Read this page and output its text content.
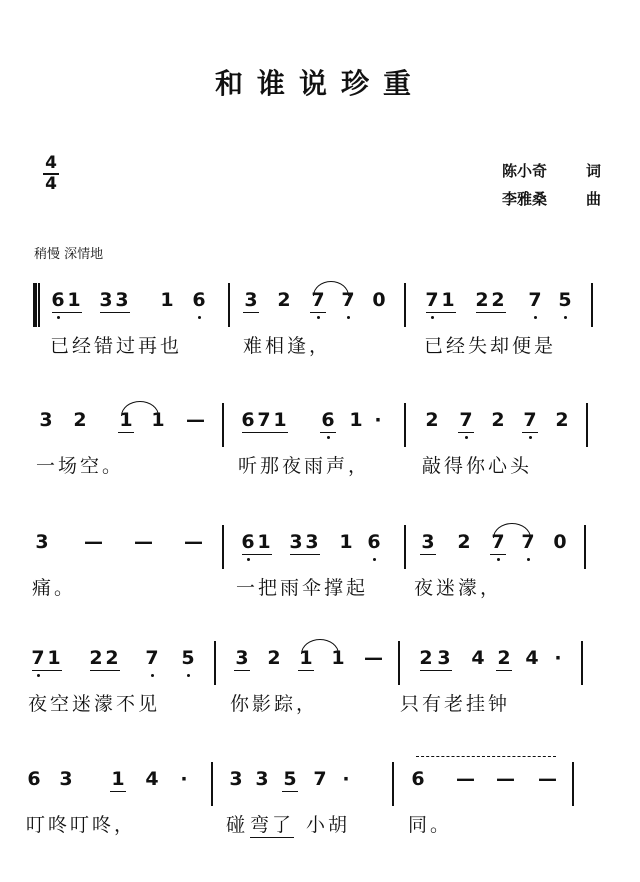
和谁说珍重
4
4
陈小奇	词
李雅桑	曲
稍慢 深情地
6 1 3 3 1 6 3 2 7 7 0 7 1 2 2 7 5
已经错过再也	难相逢，	已经失却便是
3 2 1 1 — 6 7 1 6 1 · 2 7 2 7 2
一场空。	听那夜雨声，	敲得你心头
3 — — — 6 1 3 3 1 6 3 2 7 7 0
痛。	一把雨伞撑起 夜迷濛，
7 1 2 2 7 5 3 2 1 1 — 2 3 4 2 4 ·
夜空迷濛不见	你影踪，	只有老挂钟
6 3 1 4 · 3 3 5 7 ·	6 — — —
叮咚叮咚，	碰 弯了 小胡	同。
